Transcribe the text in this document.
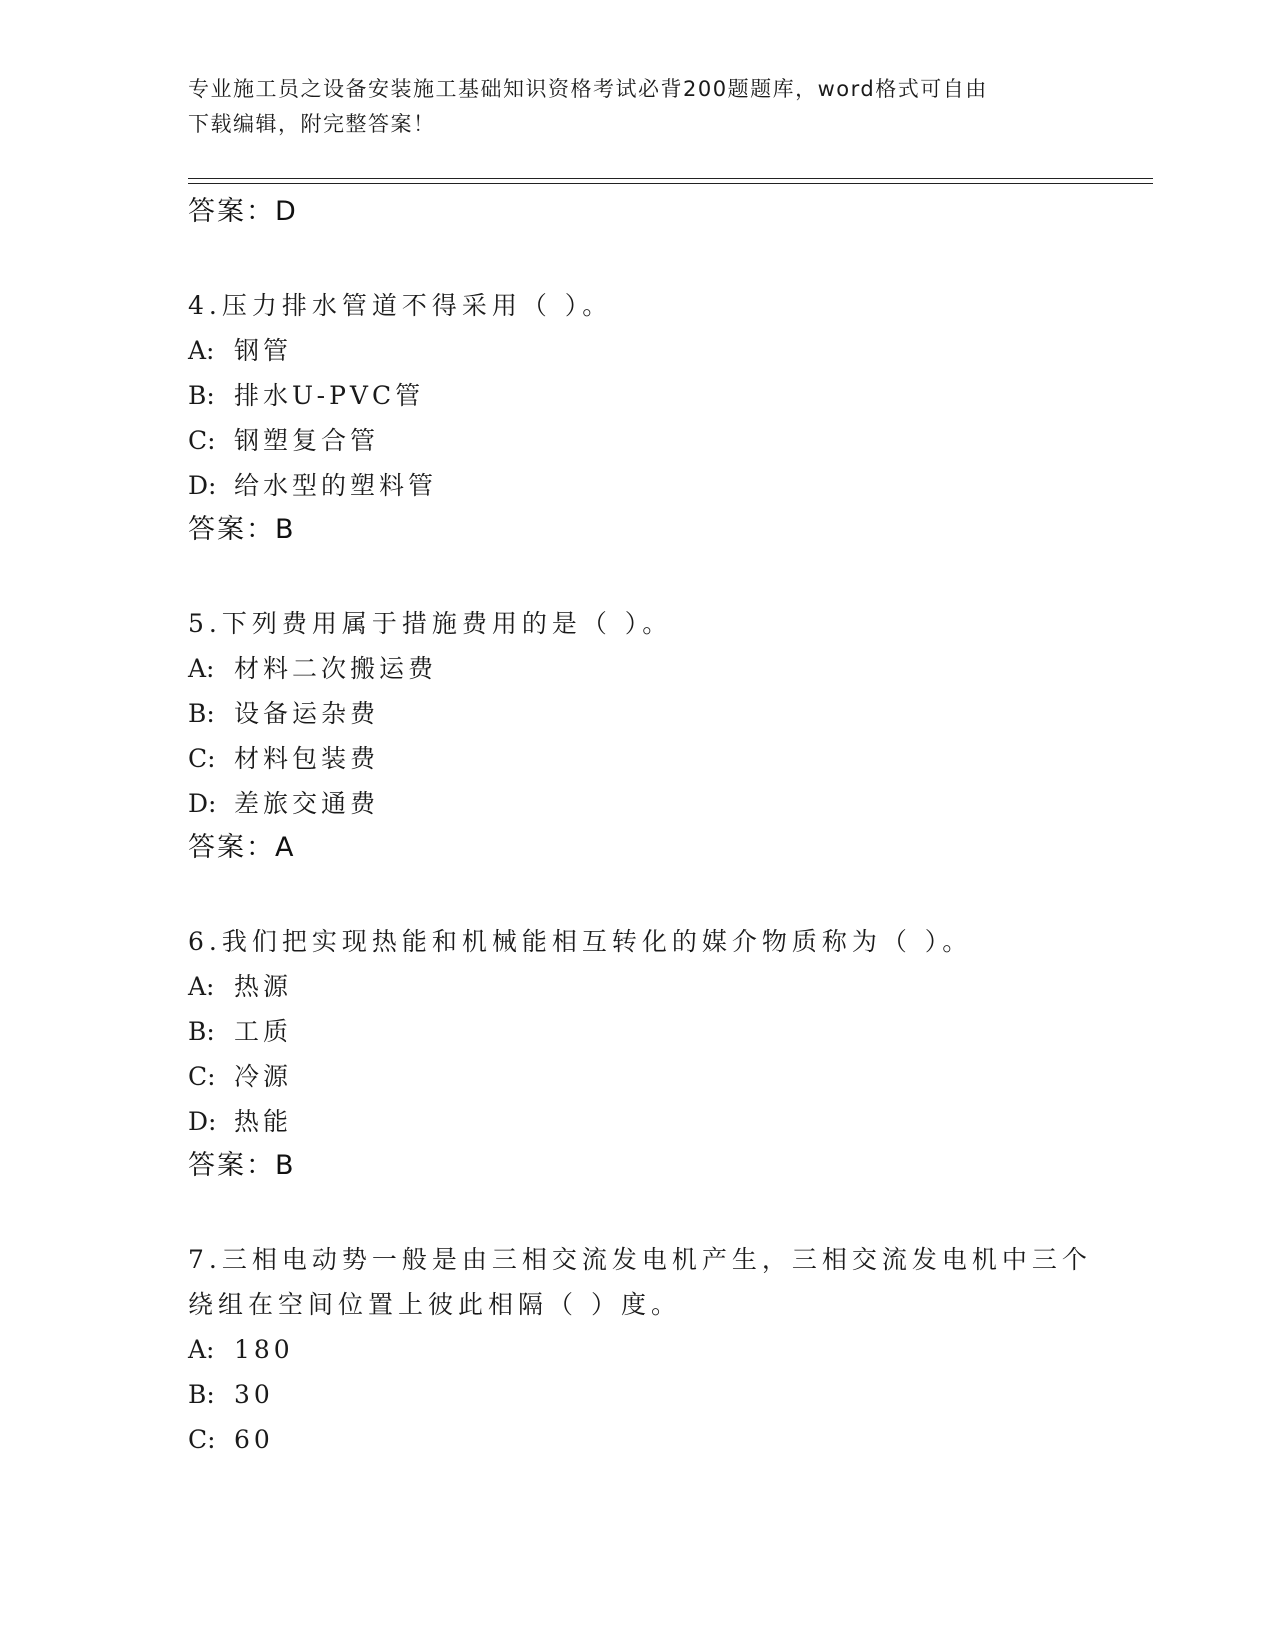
专业施工员之设备安装施工基础知识资格考试必背200题题库，word格式可自由
下载编辑，附完整答案！
答案：D
4.压力排水管道不得采用（ ）。
A: 钢管
B: 排水U-PVC管
C: 钢塑复合管
D: 给水型的塑料管
答案：B
5.下列费用属于措施费用的是（ ）。
A: 材料二次搬运费
B: 设备运杂费
C: 材料包装费
D: 差旅交通费
答案：A
6.我们把实现热能和机械能相互转化的媒介物质称为（ ）。
A: 热源
B: 工质
C: 冷源
D: 热能
答案：B
7.三相电动势一般是由三相交流发电机产生，三相交流发电机中三个
绕组在空间位置上彼此相隔（ ）度。
A: 180
B: 30
C: 60
